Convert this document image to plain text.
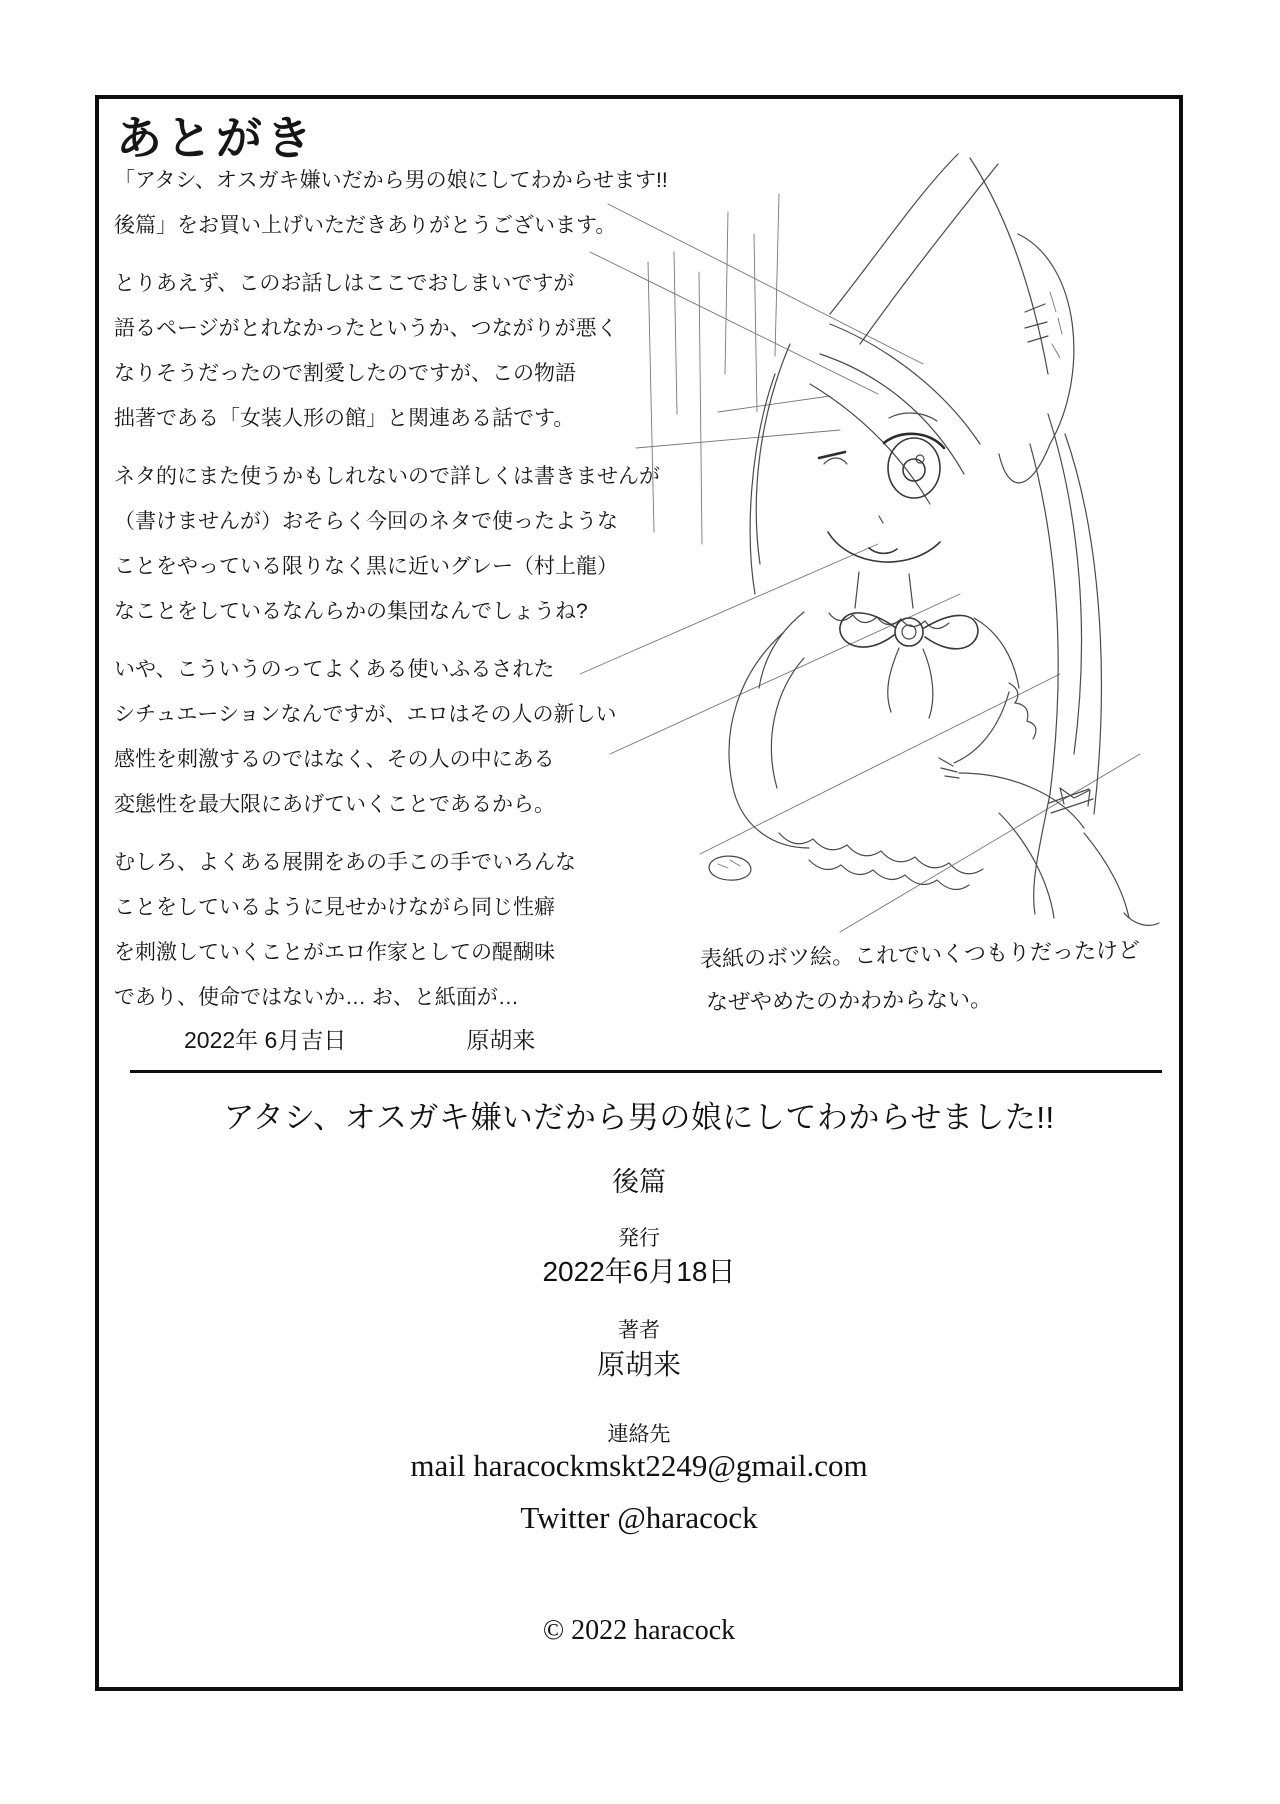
あとがき
「アタシ、オスガキ嫌いだから男の娘にしてわからせます!!
後篇」をお買い上げいただきありがとうございます。
とりあえず、このお話しはここでおしまいですが
語るページがとれなかったというか、つながりが悪く
なりそうだったので割愛したのですが、この物語
拙著である「女装人形の館」と関連ある話です。
ネタ的にまた使うかもしれないので詳しくは書きませんが
（書けませんが）おそらく今回のネタで使ったような
ことをやっている限りなく黒に近いグレー（村上龍）
なことをしているなんらかの集団なんでしょうね?
いや、こういうのってよくある使いふるされた
シチュエーションなんですが、エロはその人の新しい
感性を刺激するのではなく、その人の中にある
変態性を最大限にあげていくことであるから。
むしろ、よくある展開をあの手この手でいろんな
ことをしているように見せかけながら同じ性癖
を刺激していくことがエロ作家としての醍醐味
であり、使命ではないか… お、と紙面が…
2022年 6月吉日	原胡来
表紙のボツ絵。これでいくつもりだったけど
なぜやめたのかわからない。
アタシ、オスガキ嫌いだから男の娘にしてわからせました!!
後篇
発行
2022年6月18日
著者
原胡来
連絡先
mail haracockmskt2249@gmail.com
Twitter @haracock
© 2022 haracock
